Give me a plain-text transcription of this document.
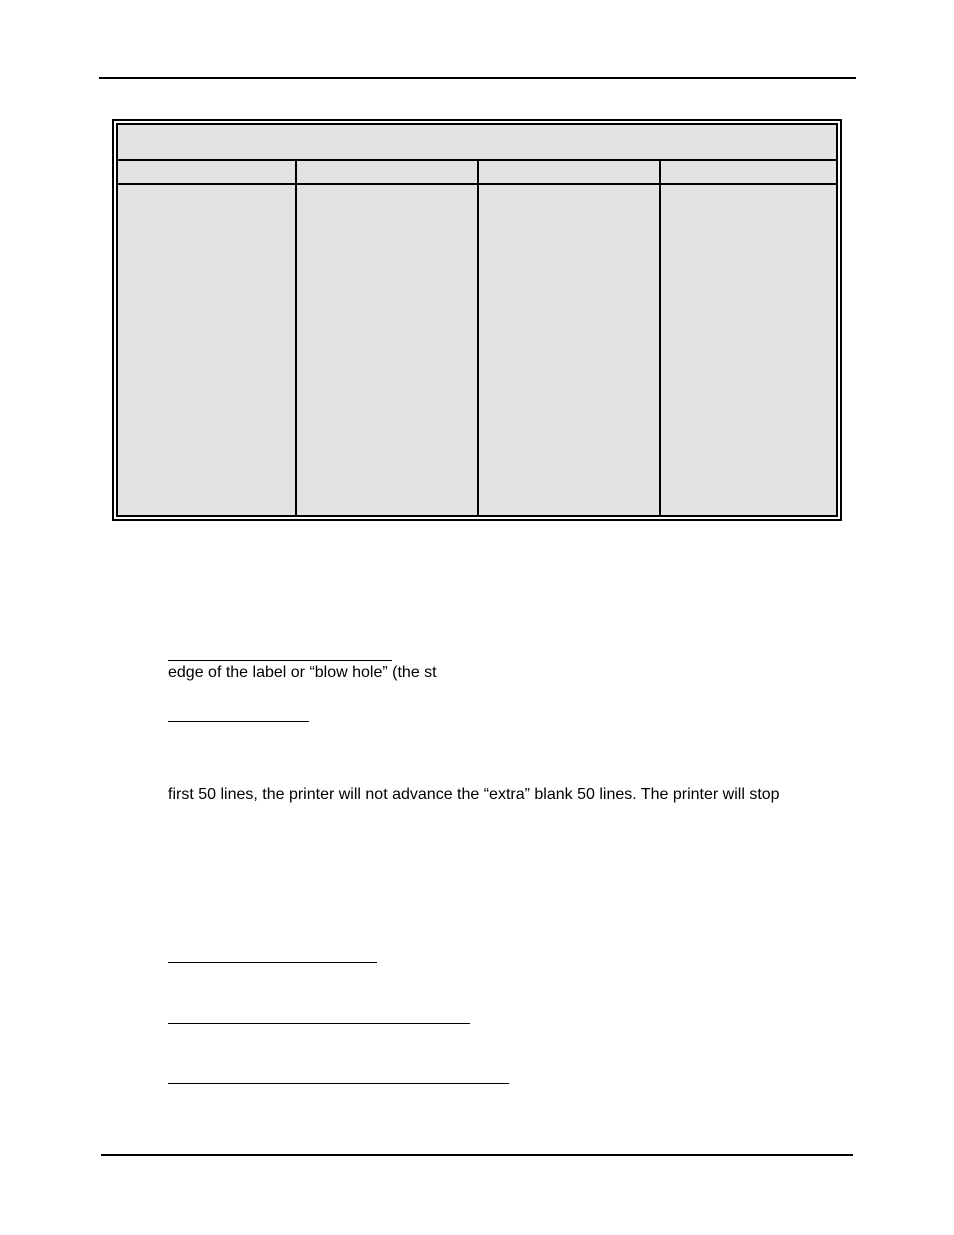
edge of the label or “blow hole” (the st
first 50 lines, the printer will not advance the “extra” blank 50 lines. The printer will stop
